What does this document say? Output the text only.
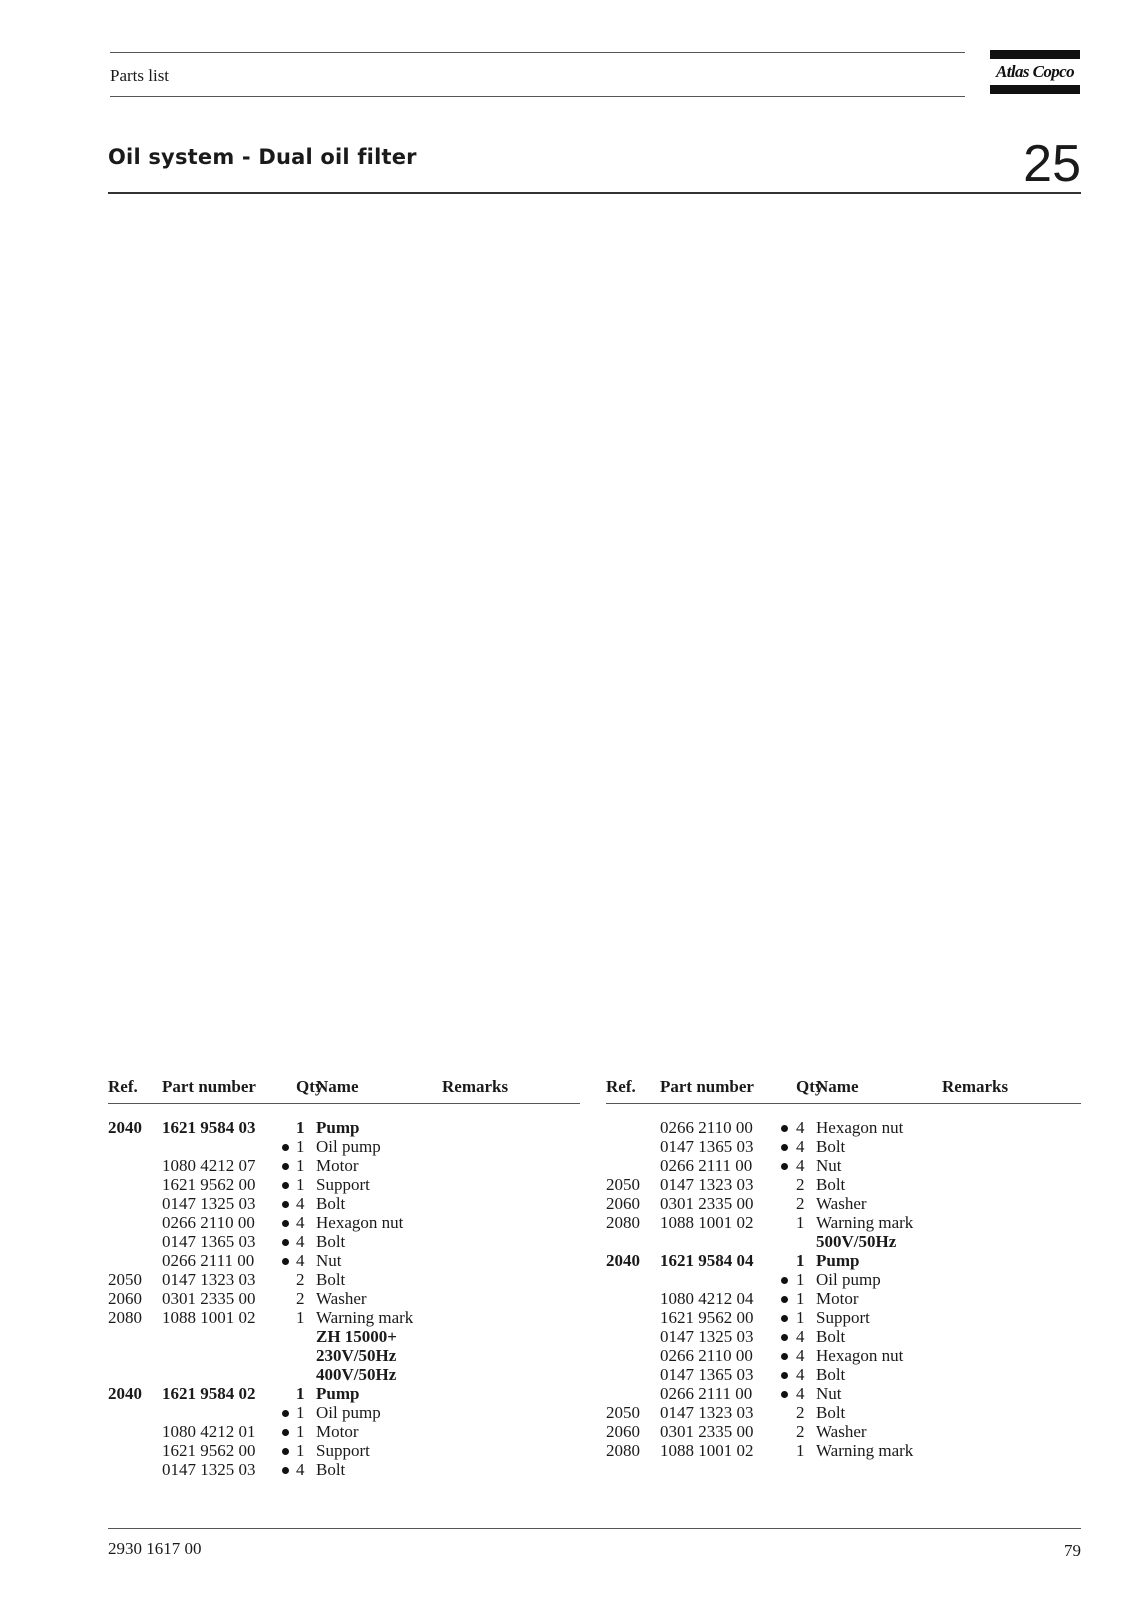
Parts list	Atlas Copco
Oil system - Dual oil filter	25
Ref.	Part number		Qty	Name	Remarks

2040	1621 9584 03		1	Pump	
			1	Oil pump	
	1080 4212 07		1	Motor	
	1621 9562 00		1	Support	
	0147 1325 03		4	Bolt	
	0266 2110 00		4	Hexagon nut	
	0147 1365 03		4	Bolt	
	0266 2111 00		4	Nut	
2050	0147 1323 03		2	Bolt	
2060	0301 2335 00		2	Washer	
2080	1088 1001 02		1	Warning mark	
				ZH 15000+	
				230V/50Hz	
				400V/50Hz	
2040	1621 9584 02		1	Pump	
			1	Oil pump	
	1080 4212 01		1	Motor	
	1621 9562 00		1	Support	
	0147 1325 03		4	Bolt	
Ref.	Part number		Qty	Name	Remarks

	0266 2110 00		4	Hexagon nut	
	0147 1365 03		4	Bolt	
	0266 2111 00		4	Nut	
2050	0147 1323 03		2	Bolt	
2060	0301 2335 00		2	Washer	
2080	1088 1001 02		1	Warning mark	
				500V/50Hz	
2040	1621 9584 04		1	Pump	
			1	Oil pump	
	1080 4212 04		1	Motor	
	1621 9562 00		1	Support	
	0147 1325 03		4	Bolt	
	0266 2110 00		4	Hexagon nut	
	0147 1365 03		4	Bolt	
	0266 2111 00		4	Nut	
2050	0147 1323 03		2	Bolt	
2060	0301 2335 00		2	Washer	
2080	1088 1001 02		1	Warning mark	
2930 1617 00	79
